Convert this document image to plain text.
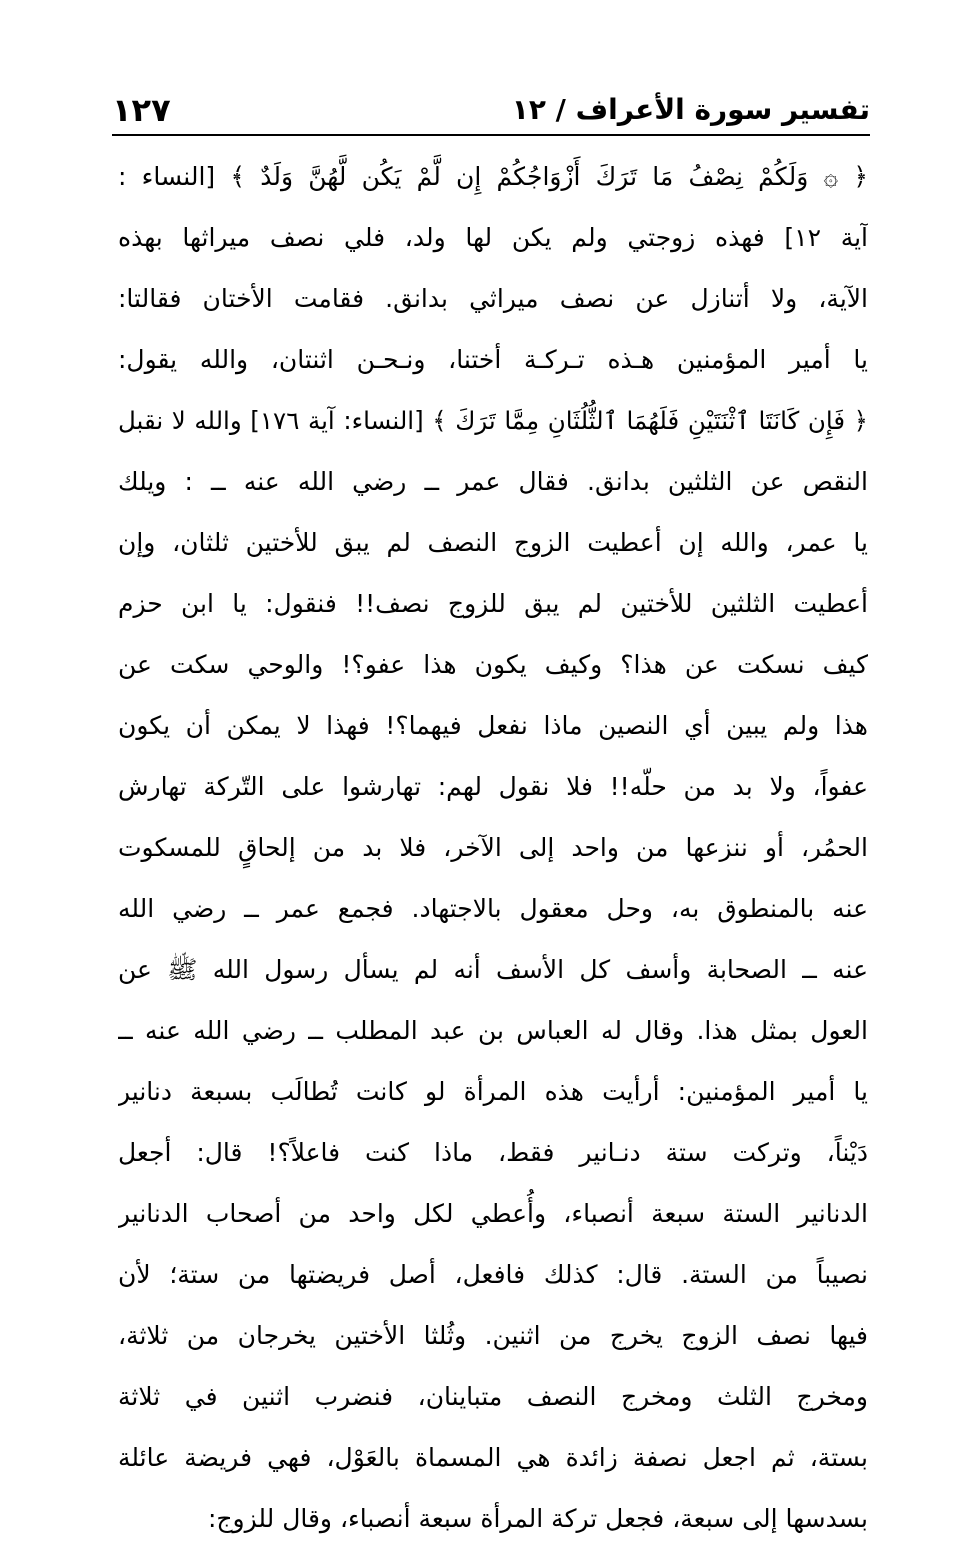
تفسير سورة الأعراف / ١٢
١٢٧
﴿ ۞ وَلَكُمْ نِصْفُ مَا تَرَكَ أَزْوَاجُكُمْ إِن لَّمْ يَكُن لَّهُنَّ وَلَدٌ ﴾ [النساء :
آية ١٢] فهذه زوجتي ولم يكن لها ولد، فلي نصف ميراثها بهذه
الآية، ولا أتنازل عن نصف ميراثي بدانق. فقامت الأختان فقالتا:
يا أمير المؤمنين هـذه تـركـة أختنا، ونـحـن اثنتان، والله يقول:
﴿ فَإِن كَانَتَا ٱثْنَتَيْنِ فَلَهُمَا ٱلثُّلُثَانِ مِمَّا تَرَكَ ﴾ [النساء: آية ١٧٦] والله لا نقبل
النقص عن الثلثين بدانق. فقال عمر ــ رضي الله عنه ــ : ويلك
يا عمر، والله إن أعطيت الزوج النصف لم يبق للأختين ثلثان، وإن
أعطيت الثلثين للأختين لم يبق للزوج نصف!! فنقول: يا ابن حزم
كيف نسكت عن هذا؟ وكيف يكون هذا عفو؟! والوحي سكت عن
هذا ولم يبين أي النصين ماذا نفعل فيهما؟! فهذا لا يمكن أن يكون
عفواً، ولا بد من حلّه!! فلا نقول لهم: تهارشوا على التّركة تهارش
الحمُر، أو ننزعها من واحد إلى الآخر، فلا بد من إلحاقٍ للمسكوت
عنه بالمنطوق به، وحل معقول بالاجتهاد. فجمع عمر ــ رضي الله
عنه ــ الصحابة وأسف كل الأسف أنه لم يسأل رسول الله ﷺ عن
العول بمثل هذا. وقال له العباس بن عبد المطلب ــ رضي الله عنه ــ
يا أمير المؤمنين: أرأيت هذه المرأة لو كانت تُطالَب بسبعة دنانير
دَيْناً، وتركت ستة دنـانير فقط، ماذا كنت فاعلاً؟! قال: أجعل
الدنانير الستة سبعة أنصباء، وأُعطي لكل واحد من أصحاب الدنانير
نصيباً من الستة. قال: كذلك فافعل، أصل فريضتها من ستة؛ لأن
فيها نصف الزوج يخرج من اثنين. وثُلثا الأختين يخرجان من ثلاثة،
ومخرج الثلث ومخرج النصف متباينان، فنضرب اثنين في ثلاثة
بستة، ثم اجعل نصفة زائدة هي المسماة بالعَوْل، فهي فريضة عائلة
بسدسها إلى سبعة، فجعل تركة المرأة سبعة أنصباء، وقال للزوج:
